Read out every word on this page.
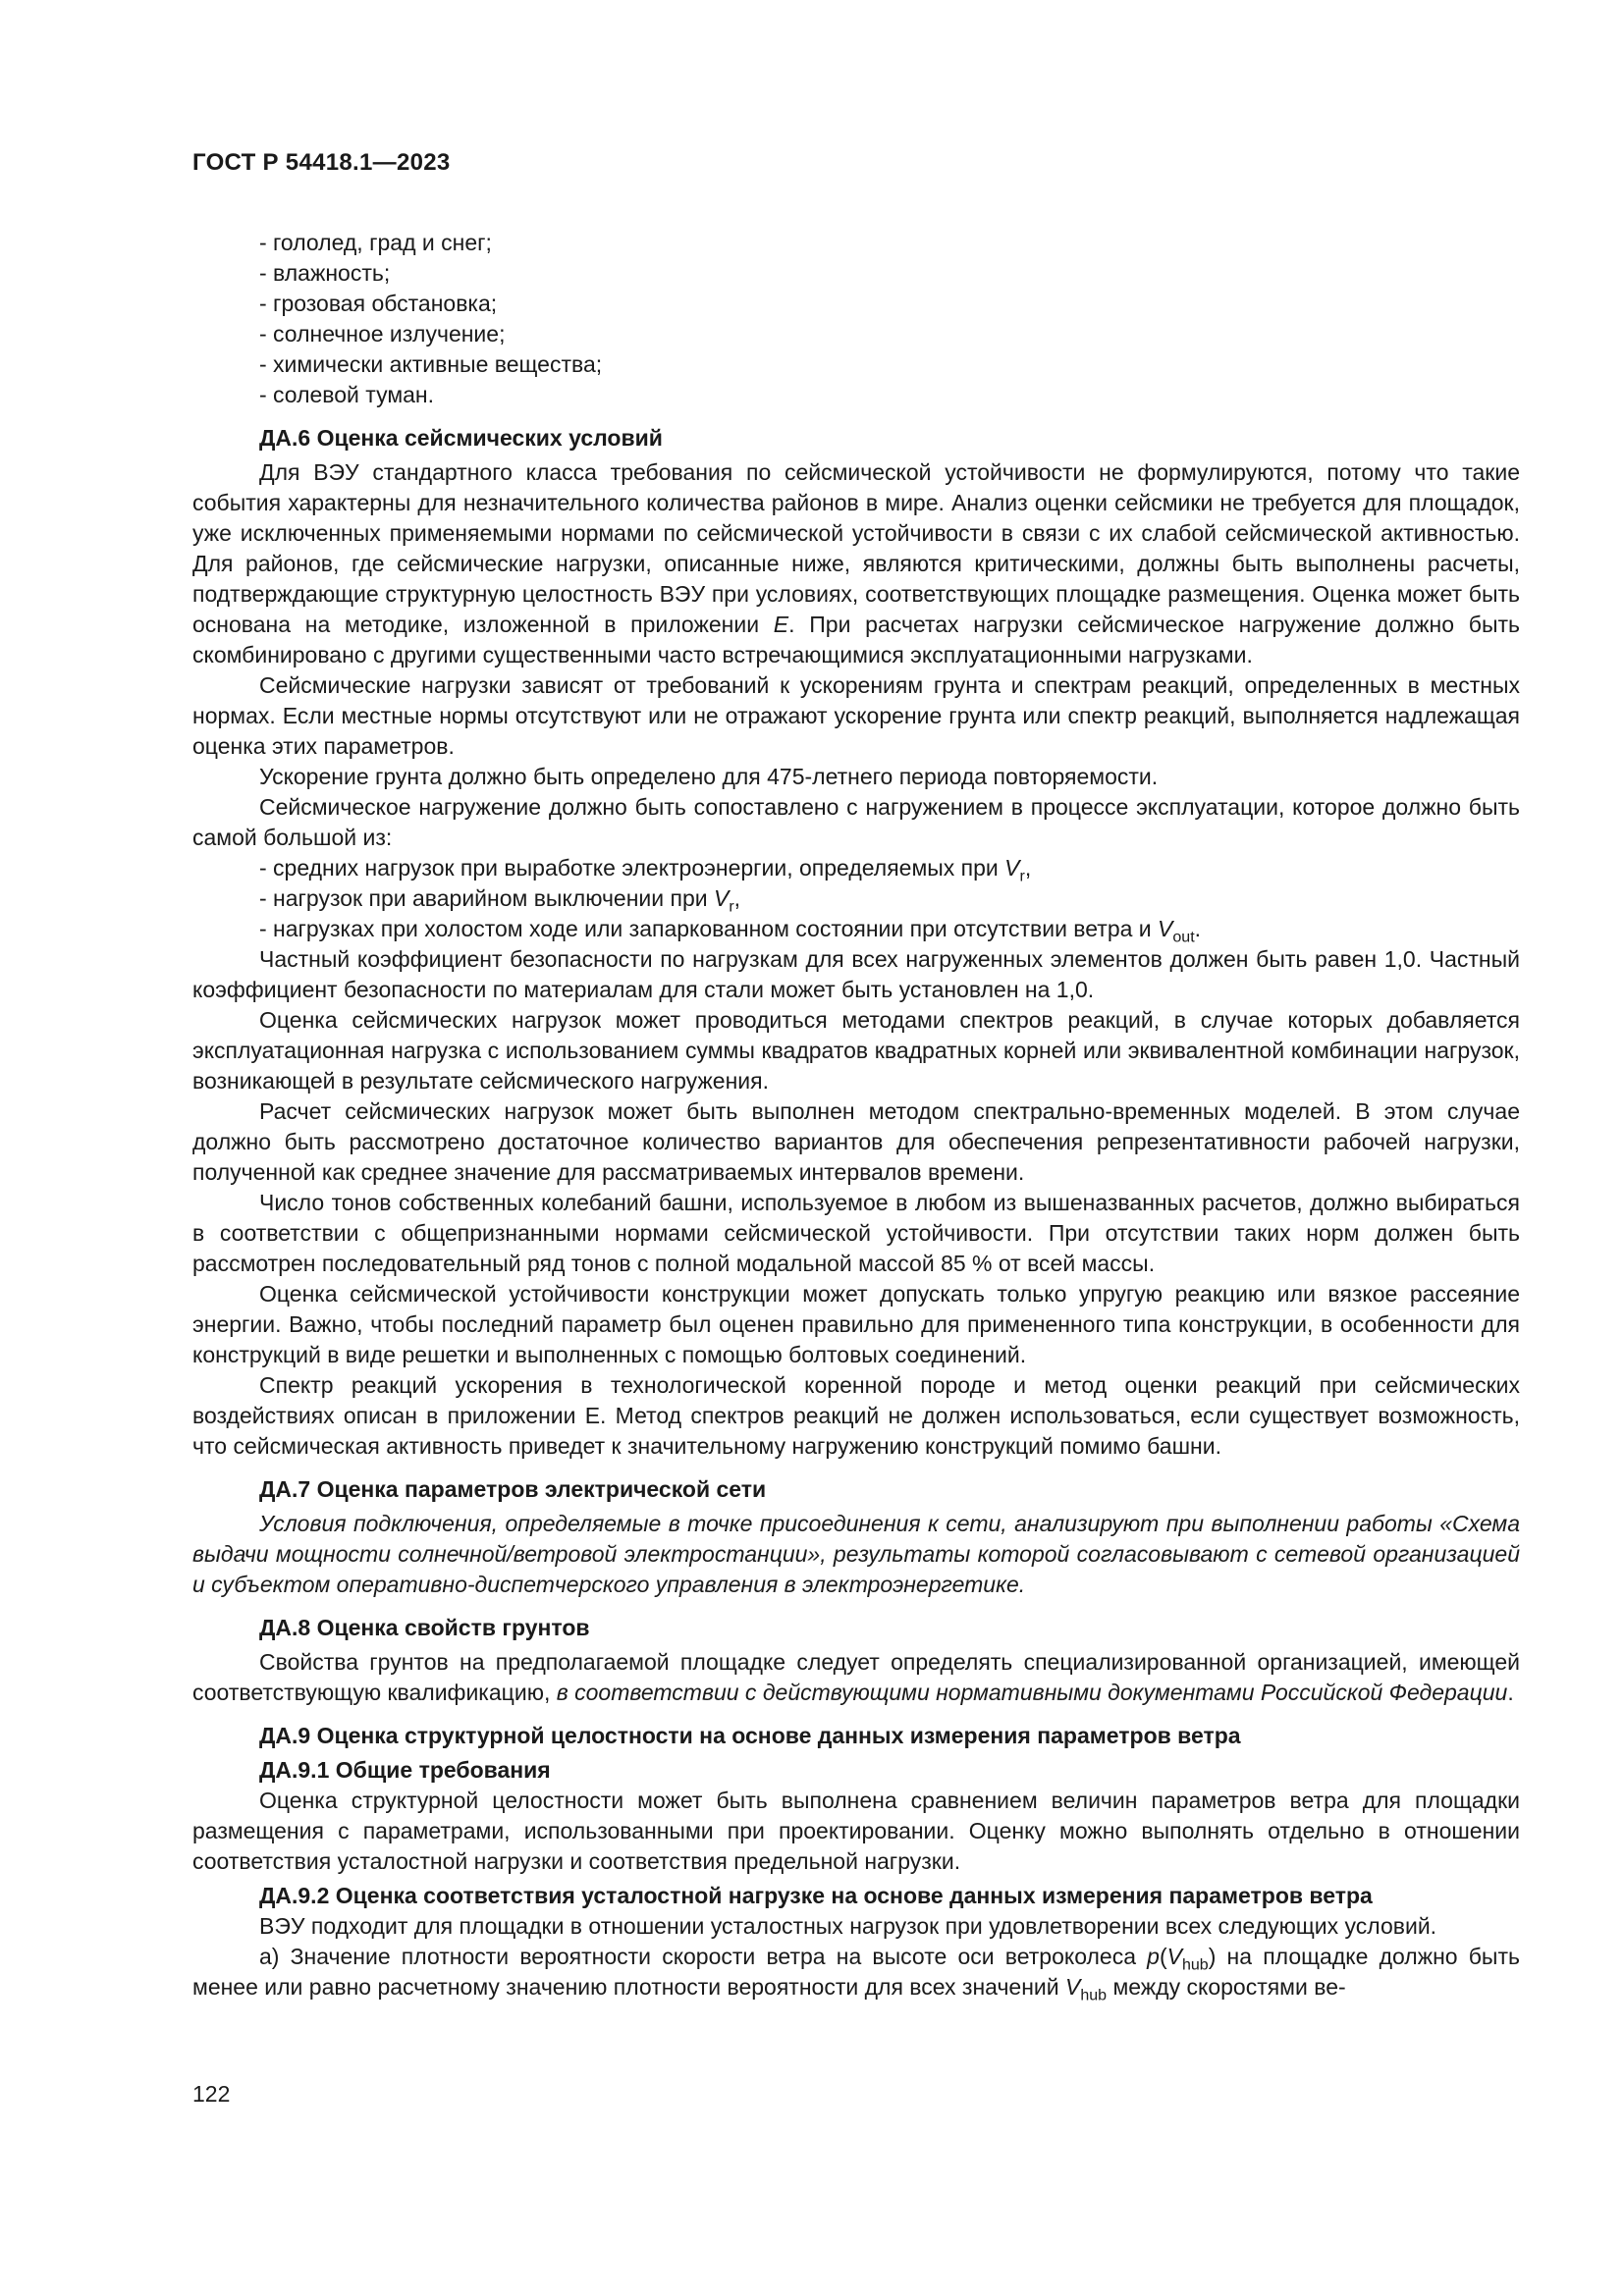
ГОСТ Р 54418.1—2023
- гололед, град и снег;
- влажность;
- грозовая обстановка;
- солнечное излучение;
- химически активные вещества;
- солевой туман.
ДА.6 Оценка сейсмических условий
Для ВЭУ стандартного класса требования по сейсмической устойчивости не формулируются, потому что такие события характерны для незначительного количества районов в мире. Анализ оценки сейсмики не требуется для площадок, уже исключенных применяемыми нормами по сейсмической устойчивости в связи с их слабой сейсмической активностью. Для районов, где сейсмические нагрузки, описанные ниже, являются критическими, должны быть выполнены расчеты, подтверждающие структурную целостность ВЭУ при условиях, соответствующих площадке размещения. Оценка может быть основана на методике, изложенной в приложении Е. При расчетах нагрузки сейсмическое нагружение должно быть скомбинировано с другими существенными часто встречающимися эксплуатационными нагрузками.
Сейсмические нагрузки зависят от требований к ускорениям грунта и спектрам реакций, определенных в местных нормах. Если местные нормы отсутствуют или не отражают ускорение грунта или спектр реакций, выполняется надлежащая оценка этих параметров.
Ускорение грунта должно быть определено для 475-летнего периода повторяемости.
Сейсмическое нагружение должно быть сопоставлено с нагружением в процессе эксплуатации, которое должно быть самой большой из:
- средних нагрузок при выработке электроэнергии, определяемых при $V_r$,
- нагрузок при аварийном выключении при $V_r$,
- нагрузках при холостом ходе или запаркованном состоянии при отсутствии ветра и $V_{out}$.
Частный коэффициент безопасности по нагрузкам для всех нагруженных элементов должен быть равен 1,0. Частный коэффициент безопасности по материалам для стали может быть установлен на 1,0.
Оценка сейсмических нагрузок может проводиться методами спектров реакций, в случае которых добавляется эксплуатационная нагрузка с использованием суммы квадратов квадратных корней или эквивалентной комбинации нагрузок, возникающей в результате сейсмического нагружения.
Расчет сейсмических нагрузок может быть выполнен методом спектрально-временных моделей. В этом случае должно быть рассмотрено достаточное количество вариантов для обеспечения репрезентативности рабочей нагрузки, полученной как среднее значение для рассматриваемых интервалов времени.
Число тонов собственных колебаний башни, используемое в любом из вышеназванных расчетов, должно выбираться в соответствии с общепризнанными нормами сейсмической устойчивости. При отсутствии таких норм должен быть рассмотрен последовательный ряд тонов с полной модальной массой 85 % от всей массы.
Оценка сейсмической устойчивости конструкции может допускать только упругую реакцию или вязкое рассеяние энергии. Важно, чтобы последний параметр был оценен правильно для примененного типа конструкции, в особенности для конструкций в виде решетки и выполненных с помощью болтовых соединений.
Спектр реакций ускорения в технологической коренной породе и метод оценки реакций при сейсмических воздействиях описан в приложении Е. Метод спектров реакций не должен использоваться, если существует возможность, что сейсмическая активность приведет к значительному нагружению конструкций помимо башни.
ДА.7 Оценка параметров электрической сети
Условия подключения, определяемые в точке присоединения к сети, анализируют при выполнении работы «Схема выдачи мощности солнечной/ветровой электростанции», результаты которой согласовывают с сетевой организацией и субъектом оперативно-диспетчерского управления в электроэнергетике.
ДА.8 Оценка свойств грунтов
Свойства грунтов на предполагаемой площадке следует определять специализированной организацией, имеющей соответствующую квалификацию, в соответствии с действующими нормативными документами Российской Федерации.
ДА.9 Оценка структурной целостности на основе данных измерения параметров ветра
ДА.9.1 Общие требования
Оценка структурной целостности может быть выполнена сравнением величин параметров ветра для площадки размещения с параметрами, использованными при проектировании. Оценку можно выполнять отдельно в отношении соответствия усталостной нагрузки и соответствия предельной нагрузки.
ДА.9.2 Оценка соответствия усталостной нагрузке на основе данных измерения параметров ветра
ВЭУ подходит для площадки в отношении усталостных нагрузок при удовлетворении всех следующих условий.
а) Значение плотности вероятности скорости ветра на высоте оси ветроколеса $p(V_{hub})$ на площадке должно быть менее или равно расчетному значению плотности вероятности для всех значений $V_{hub}$ между скоростями ве-
122
